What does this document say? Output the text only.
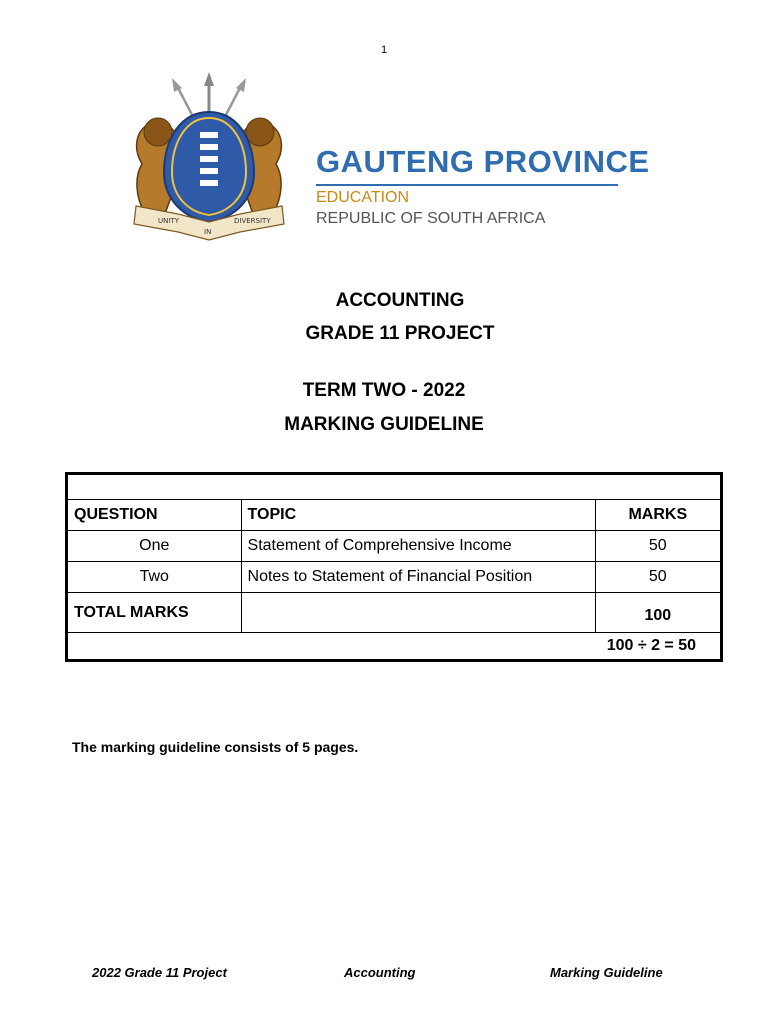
1
UNITY
IN
DIVERSITY
GAUTENG PROVINCE
EDUCATION
REPUBLIC OF SOUTH AFRICA
ACCOUNTING
GRADE 11 PROJECT
TERM TWO - 2022
MARKING GUIDELINE

QUESTION	TOPIC	MARKS
One	Statement of Comprehensive Income	50
Two	Notes to Statement of Financial Position	50
TOTAL MARKS		100
100 ÷ 2 = 50		
The marking guideline consists of 5 pages.
2022 Grade 11 Project	Accounting	Marking Guideline
